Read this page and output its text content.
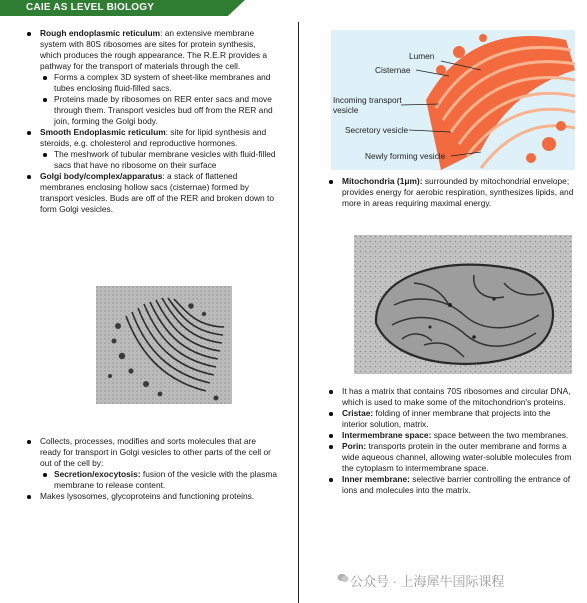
CAIE AS LEVEL BIOLOGY
Rough endoplasmic reticulum: an extensive membrane system with 80S ribosomes are sites for protein synthesis, which produces the rough appearance. The R.E.R provides a pathway for the transport of materials through the cell.
Forms a complex 3D system of sheet-like membranes and tubes enclosing fluid-filled sacs.
Proteins made by ribosomes on RER enter sacs and move through them. Transport vesicles bud off from the RER and join, forming the Golgi body.
Smooth Endoplasmic reticulum: site for lipid synthesis and steroids, e.g. cholesterol and reproductive hormones.
The meshwork of tubular membrane vesicles with fluid-filled sacs that have no ribosome on their surface
Golgi body/complex/apparatus: a stack of flattened membranes enclosing hollow sacs (cisternae) formed by transport vesicles. Buds are off of the RER and broken down to form Golgi vesicles.
Collects, processes, modifies and sorts molecules that are ready for transport in Golgi vesicles to other parts of the cell or out of the cell by:
Secretion/exocytosis: fusion of the vesicle with the plasma membrane to release content.
Makes lysosomes, glycoproteins and functioning proteins.
Lumen
Cisternae
Incoming transport vesicle
Secretory vesicle
Newly forming vesicle
Mitochondria (1μm): surrounded by mitochondrial envelope; provides energy for aerobic respiration, synthesizes lipids, and more in areas requiring maximal energy.
It has a matrix that contains 70S ribosomes and circular DNA, which is used to make some of the mitochondrion's proteins.
Cristae: folding of inner membrane that projects into the interior solution, matrix.
Intermembrane space: space between the two membranes.
Porin: transports protein in the outer membrane and forms a wide aqueous channel, allowing water-soluble molecules from the cytoplasm to intermembrane space.
Inner membrane: selective barrier controlling the entrance of ions and molecules into the matrix.
公众号 · 上海犀牛国际课程
